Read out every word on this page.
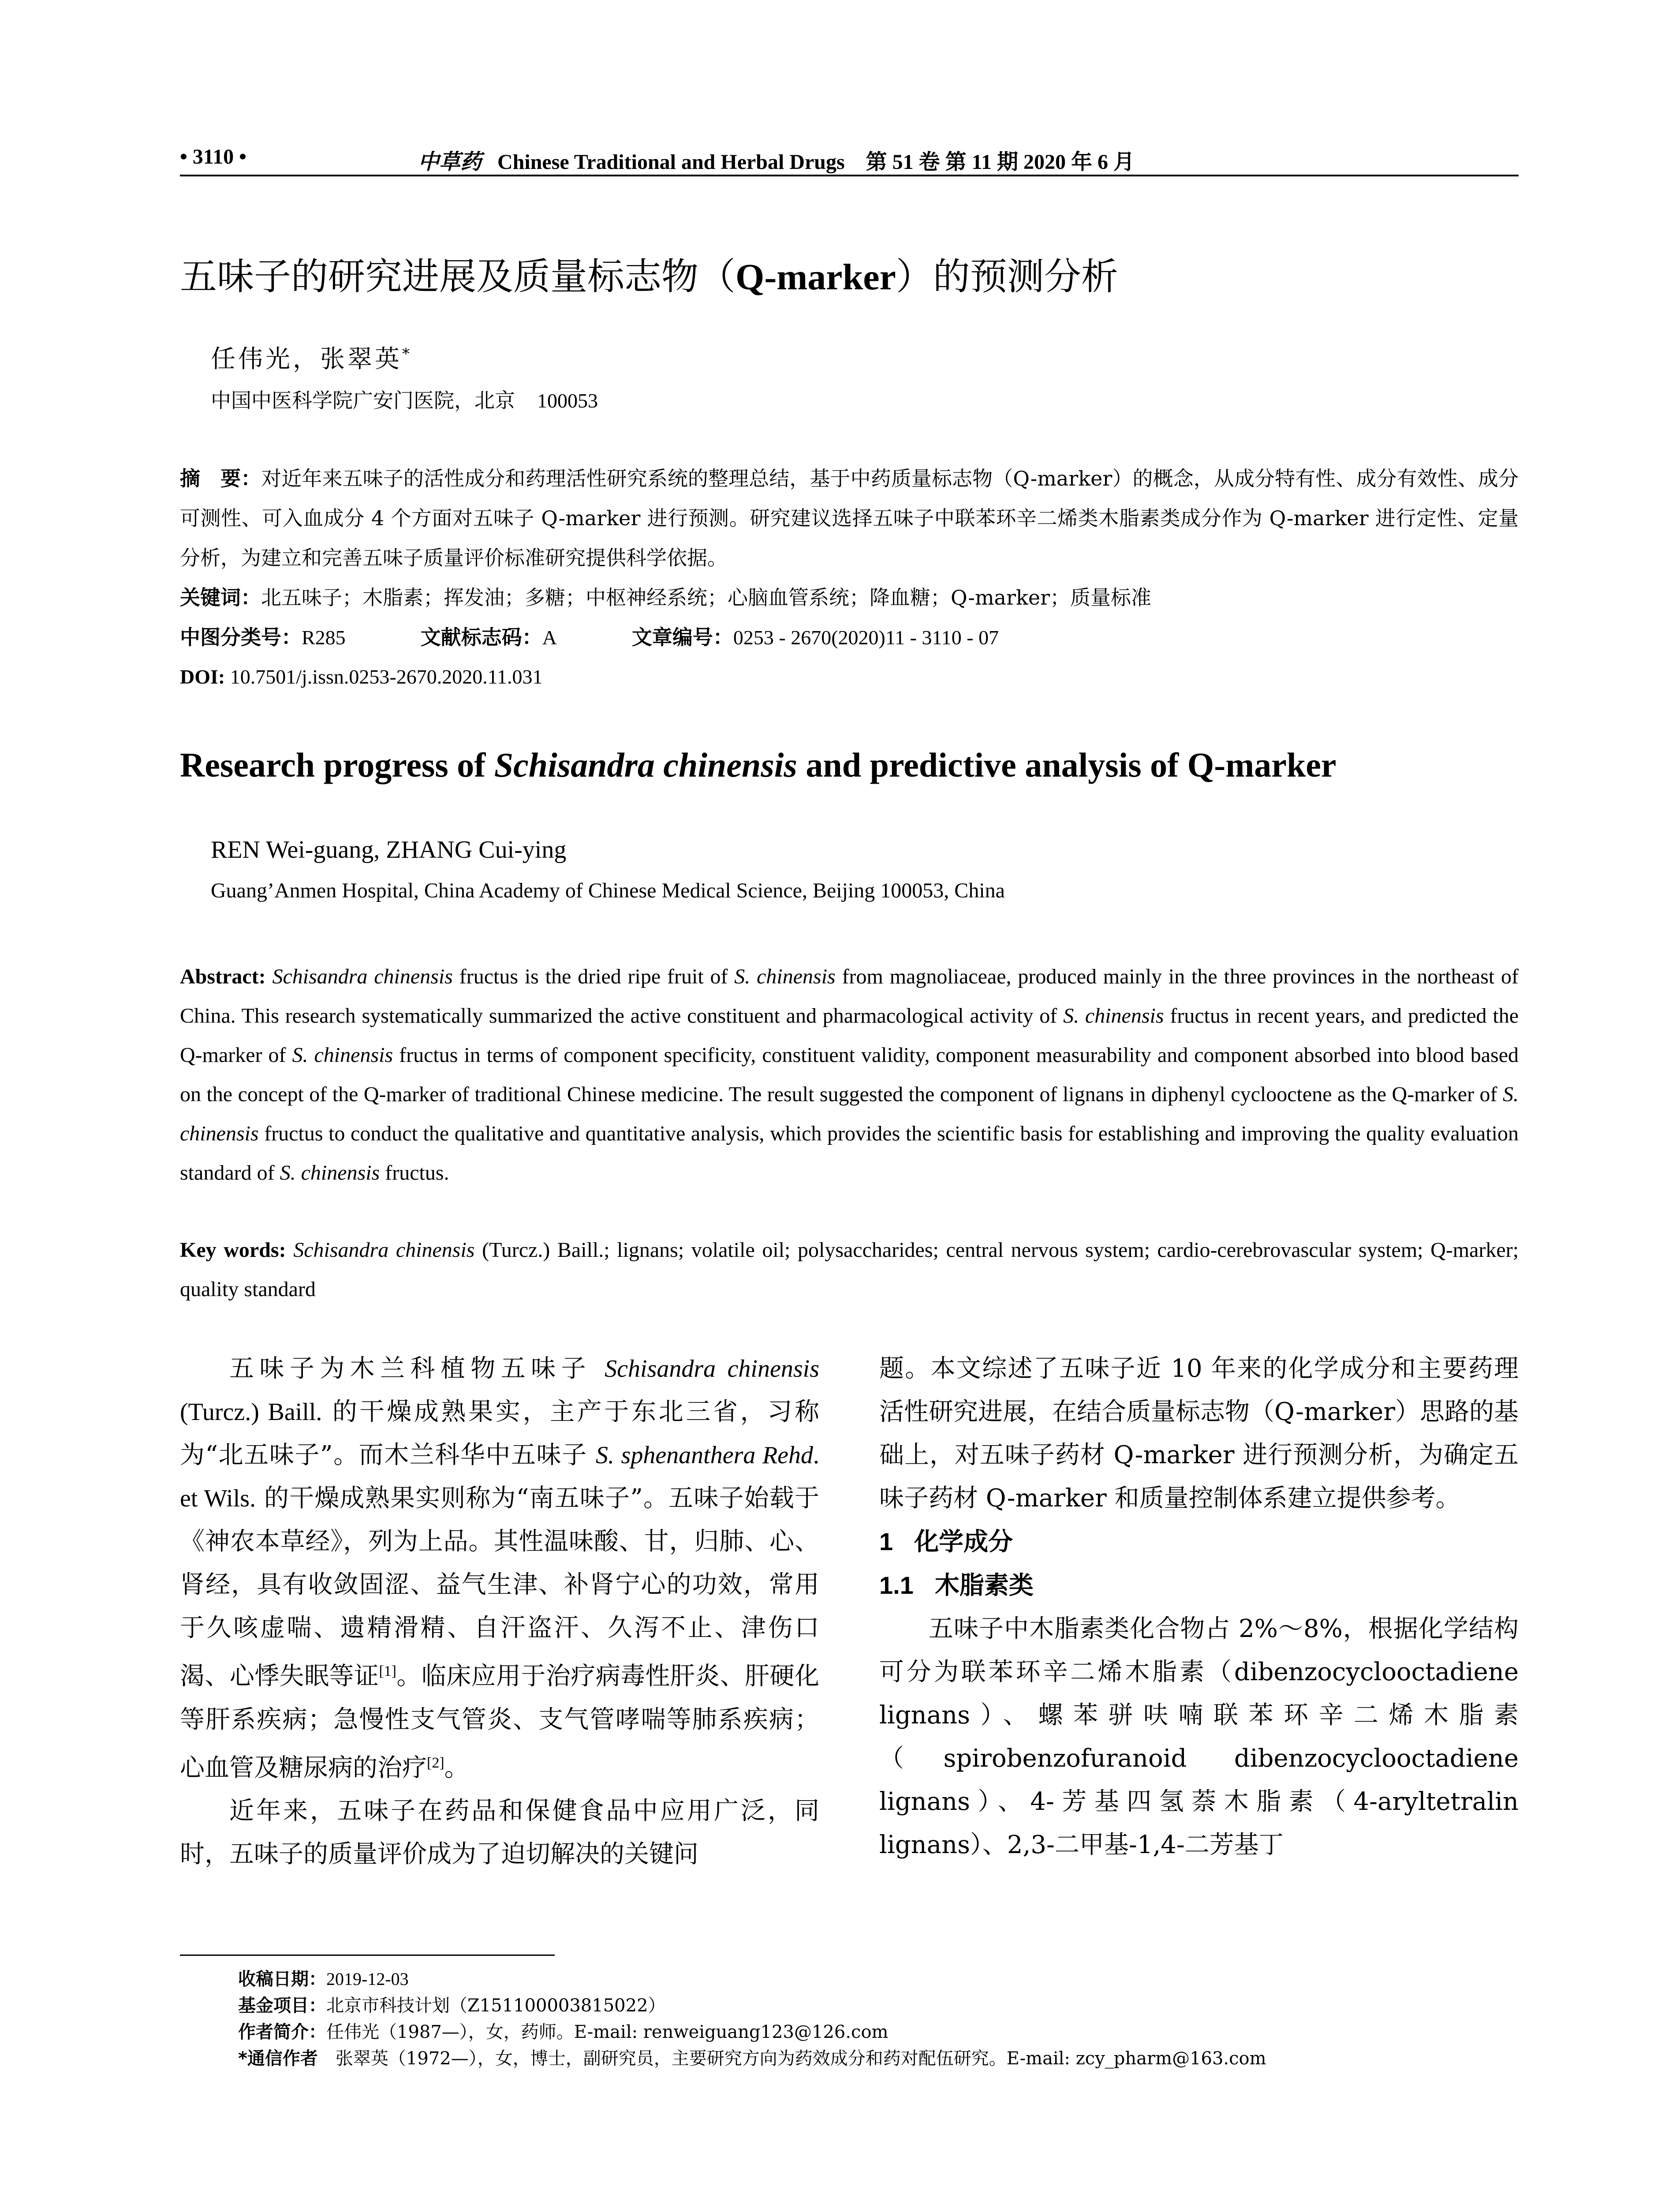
• 3110 •	中草药 Chinese Traditional and Herbal Drugs　第 51 卷 第 11 期 2020 年 6 月
五味子的研究进展及质量标志物（Q-marker）的预测分析
任伟光，张翠英*
中国中医科学院广安门医院，北京 100053
摘　要：对近年来五味子的活性成分和药理活性研究系统的整理总结，基于中药质量标志物（Q-marker）的概念，从成分特有性、成分有效性、成分可测性、可入血成分 4 个方面对五味子 Q-marker 进行预测。研究建议选择五味子中联苯环辛二烯类木脂素类成分作为 Q-marker 进行定性、定量分析，为建立和完善五味子质量评价标准研究提供科学依据。
关键词：北五味子；木脂素；挥发油；多糖；中枢神经系统；心脑血管系统；降血糖；Q-marker；质量标准
中图分类号：R285	文献标志码：A	文章编号：0253 - 2670(2020)11 - 3110 - 07
DOI: 10.7501/j.issn.0253-2670.2020.11.031
Research progress of Schisandra chinensis and predictive analysis of Q-marker
REN Wei-guang, ZHANG Cui-ying
Guang’Anmen Hospital, China Academy of Chinese Medical Science, Beijing 100053, China
Abstract: Schisandra chinensis fructus is the dried ripe fruit of S. chinensis from magnoliaceae, produced mainly in the three provinces in the northeast of China. This research systematically summarized the active constituent and pharmacological activity of S. chinensis fructus in recent years, and predicted the Q-marker of S. chinensis fructus in terms of component specificity, constituent validity, component measurability and component absorbed into blood based on the concept of the Q-marker of traditional Chinese medicine. The result suggested the component of lignans in diphenyl cyclooctene as the Q-marker of S. chinensis fructus to conduct the qualitative and quantitative analysis, which provides the scientific basis for establishing and improving the quality evaluation standard of S. chinensis fructus.
Key words: Schisandra chinensis (Turcz.) Baill.; lignans; volatile oil; polysaccharides; central nervous system; cardio-cerebrovascular system; Q-marker; quality standard

五味子为木兰科植物五味子 Schisandra chinensis (Turcz.) Baill. 的干燥成熟果实，主产于东北三省，习称为“北五味子”。而木兰科华中五味子 S. sphenanthera Rehd. et Wils. 的干燥成熟果实则称为“南五味子”。五味子始载于《神农本草经》，列为上品。其性温味酸、甘，归肺、心、肾经，具有收敛固涩、益气生津、补肾宁心的功效，常用于久咳虚喘、遗精滑精、自汗盗汗、久泻不止、津伤口渴、心悸失眠等证[1]。临床应用于治疗病毒性肝炎、肝硬化等肝系疾病；急慢性支气管炎、支气管哮喘等肺系疾病；心血管及糖尿病的治疗[2]。

近年来，五味子在药品和保健食品中应用广泛，同时，五味子的质量评价成为了迫切解决的关键问

题。本文综述了五味子近 10 年来的化学成分和主要药理活性研究进展，在结合质量标志物（Q-marker）思路的基础上，对五味子药材 Q-marker 进行预测分析，为确定五味子药材 Q-marker 和质量控制体系建立提供参考。

1 化学成分
1.1 木脂素类

五味子中木脂素类化合物占 2%～8%，根据化学结构可分为联苯环辛二烯木脂素（dibenzocyclooctadiene lignans）、螺苯骈呋喃联苯环辛二烯木脂素（spirobenzofuranoid dibenzocyclooctadiene lignans）、4-芳基四氢萘木脂素（4-aryltetralin lignans）、2,3-二甲基-1,4-二芳基丁

收稿日期：2019-12-03
基金项目：北京市科技计划（Z151100003815022）
作者简介：任伟光（1987—），女，药师。E-mail: renweiguang123@126.com
*通信作者　 张翠英（1972—），女，博士，副研究员，主要研究方向为药效成分和药对配伍研究。E-mail: zcy_pharm@163.com
